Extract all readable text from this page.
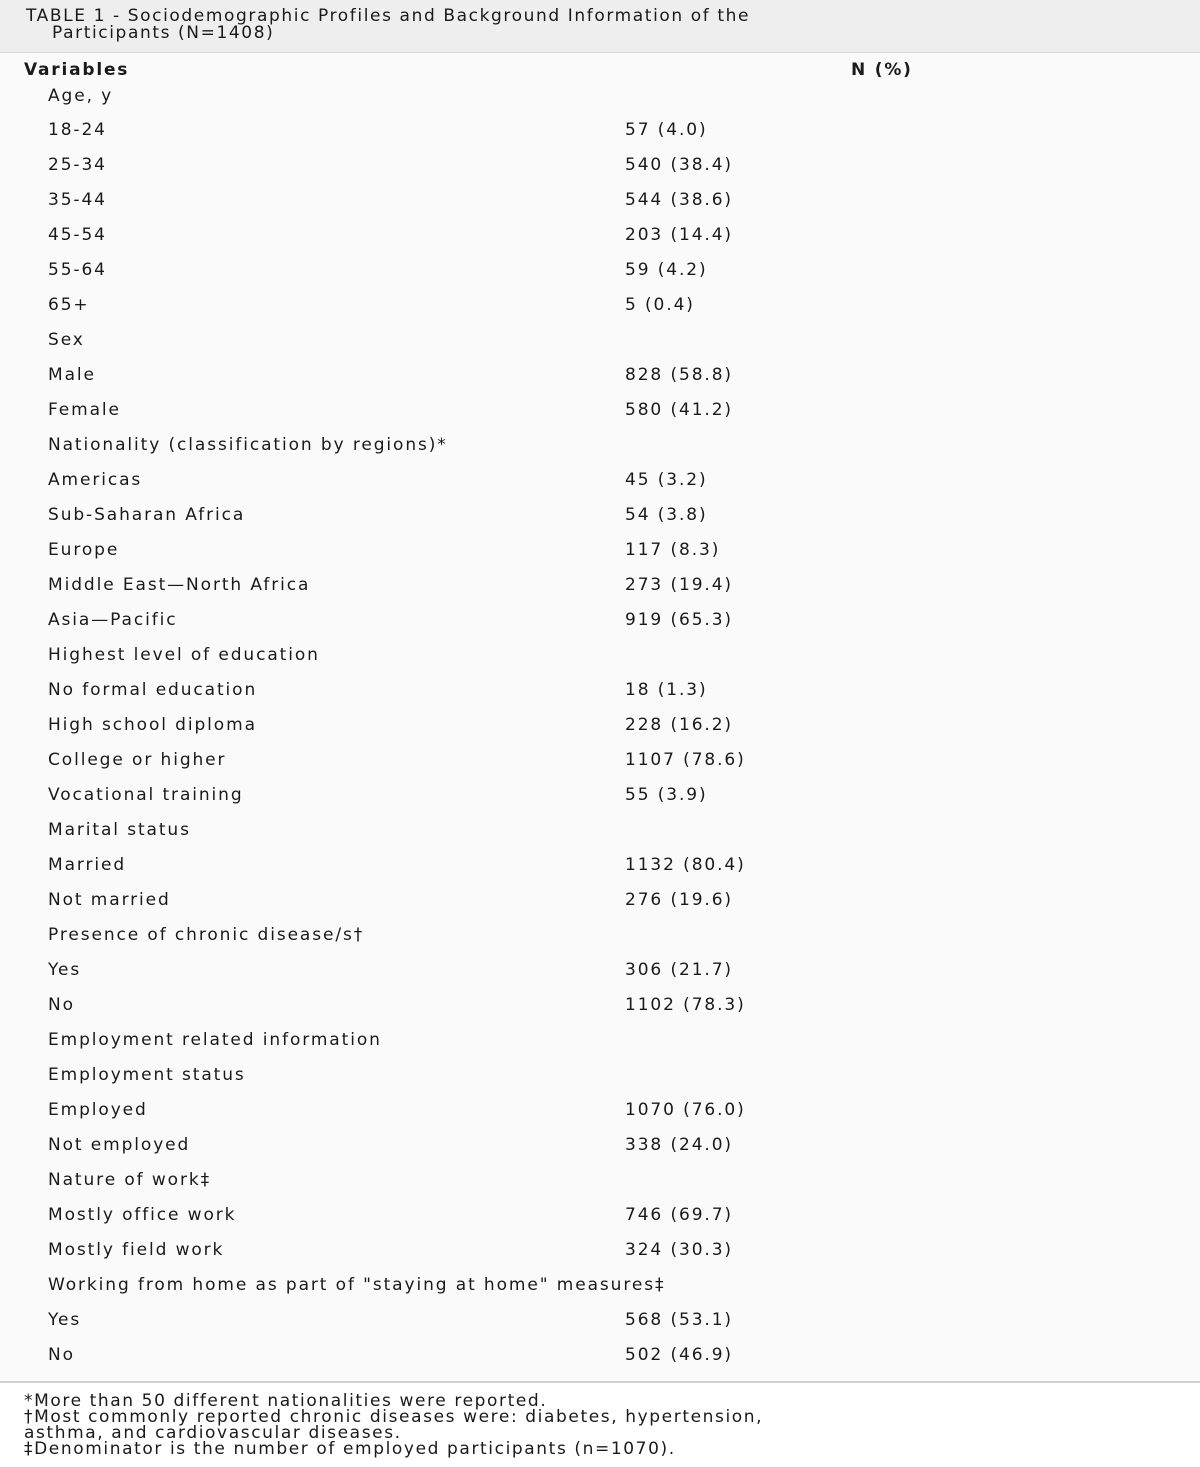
TABLE 1 - Sociodemographic Profiles and Background Information of the
Participants (N=1408)

Variables	N (%)
Age, y
18-24	57 (4.0)
25-34	540 (38.4)
35-44	544 (38.6)
45-54	203 (14.4)
55-64	59 (4.2)
65+	5 (0.4)
Sex
Male	828 (58.8)
Female	580 (41.2)
Nationality (classification by regions)*
Americas	45 (3.2)
Sub-Saharan Africa	54 (3.8)
Europe	117 (8.3)
Middle East—North Africa	273 (19.4)
Asia—Pacific	919 (65.3)
Highest level of education
No formal education	18 (1.3)
High school diploma	228 (16.2)
College or higher	1107 (78.6)
Vocational training	55 (3.9)
Marital status
Married	1132 (80.4)
Not married	276 (19.6)
Presence of chronic disease/s†
Yes	306 (21.7)
No	1102 (78.3)
Employment related information
Employment status
Employed	1070 (76.0)
Not employed	338 (24.0)
Nature of work‡
Mostly office work	746 (69.7)
Mostly field work	324 (30.3)
Working from home as part of "staying at home" measures‡
Yes	568 (53.1)
No	502 (46.9)

*More than 50 different nationalities were reported.

†Most commonly reported chronic diseases were: diabetes, hypertension,

asthma, and cardiovascular diseases.

‡Denominator is the number of employed participants (n=1070).
